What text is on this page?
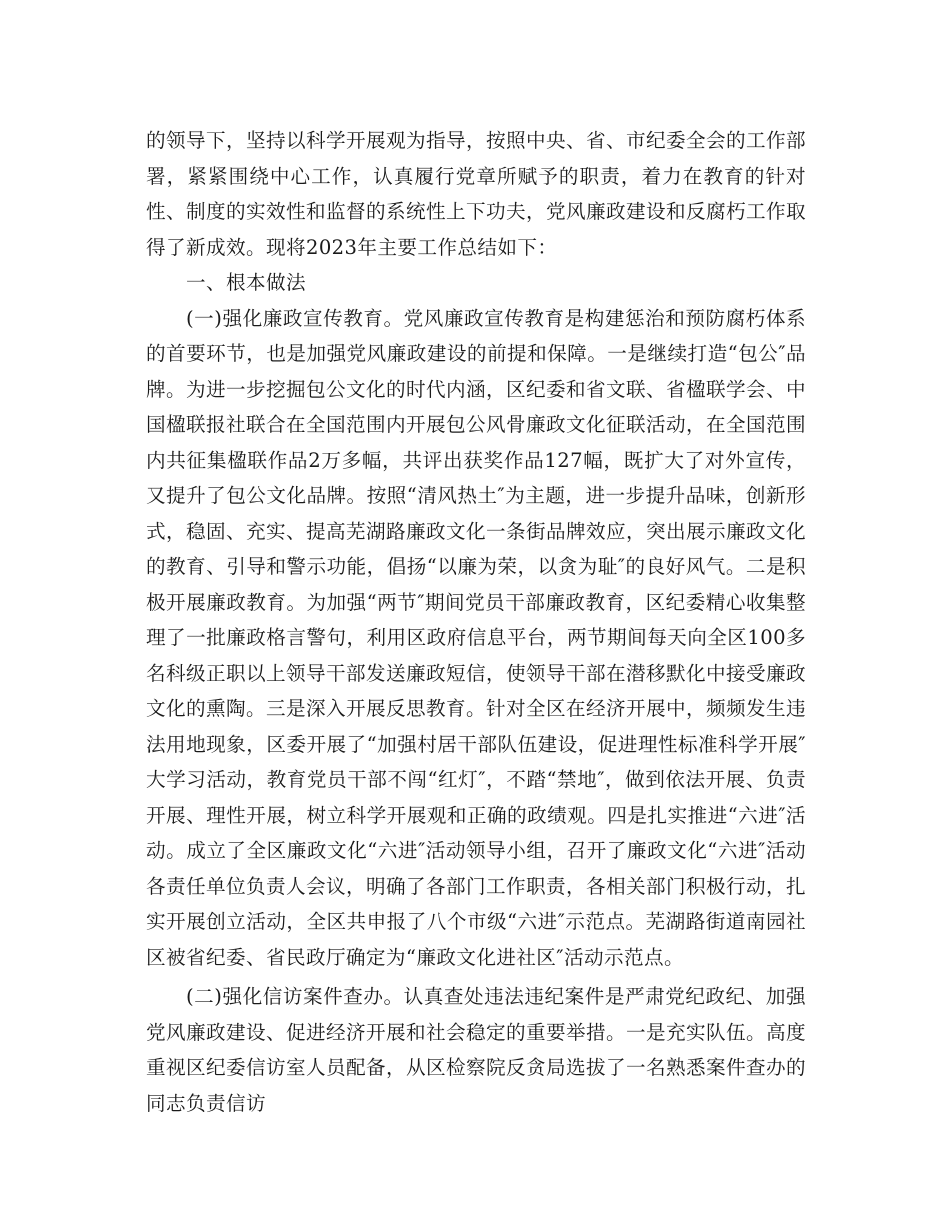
的领导下，坚持以科学开展观为指导，按照中央、省、市纪委全会的工作部署，紧紧围绕中心工作，认真履行党章所赋予的职责，着力在教育的针对性、制度的实效性和监督的系统性上下功夫，党风廉政建设和反腐朽工作取得了新成效。现将2023年主要工作总结如下：

一、根本做法

(一)强化廉政宣传教育。党风廉政宣传教育是构建惩治和预防腐朽体系的首要环节，也是加强党风廉政建设的前提和保障。一是继续打造“包公″品牌。为进一步挖掘包公文化的时代内涵，区纪委和省文联、省楹联学会、中国楹联报社联合在全国范围内开展包公风骨廉政文化征联活动，在全国范围内共征集楹联作品2万多幅，共评出获奖作品127幅，既扩大了对外宣传，又提升了包公文化品牌。按照“清风热土″为主题，进一步提升品味，创新形式，稳固、充实、提高芜湖路廉政文化一条街品牌效应，突出展示廉政文化的教育、引导和警示功能，倡扬“以廉为荣，以贪为耻″的良好风气。二是积极开展廉政教育。为加强“两节″期间党员干部廉政教育，区纪委精心收集整理了一批廉政格言警句，利用区政府信息平台，两节期间每天向全区100多名科级正职以上领导干部发送廉政短信，使领导干部在潜移默化中接受廉政文化的熏陶。三是深入开展反思教育。针对全区在经济开展中，频频发生违法用地现象，区委开展了“加强村居干部队伍建设，促进理性标准科学开展″大学习活动，教育党员干部不闯“红灯″，不踏“禁地″，做到依法开展、负责开展、理性开展，树立科学开展观和正确的政绩观。四是扎实推进“六进″活动。成立了全区廉政文化“六进″活动领导小组，召开了廉政文化“六进″活动各责任单位负责人会议，明确了各部门工作职责，各相关部门积极行动，扎实开展创立活动，全区共申报了八个市级“六进″示范点。芜湖路街道南园社区被省纪委、省民政厅确定为“廉政文化进社区″活动示范点。

(二)强化信访案件查办。认真查处违法违纪案件是严肃党纪政纪、加强党风廉政建设、促进经济开展和社会稳定的重要举措。一是充实队伍。高度重视区纪委信访室人员配备，从区检察院反贪局选拔了一名熟悉案件查办的同志负责信访
